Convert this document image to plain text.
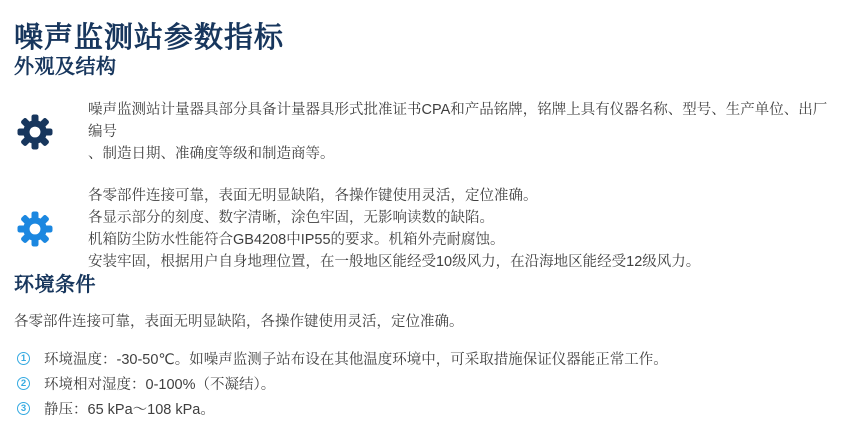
噪声监测站参数指标
外观及结构

噪声监测站计量器具部分具备计量器具形式批准证书CPA和产品铭牌，铭牌上具有仪器名称、型号、生产单位、出厂编号

、制造日期、准确度等级和制造商等。

各零部件连接可靠，表面无明显缺陷，各操作键使用灵活，定位准确。

各显示部分的刻度、数字清晰，涂色牢固，无影响读数的缺陷。

机箱防尘防水性能符合GB4208中IP55的要求。机箱外壳耐腐蚀。

安装牢固，根据用户自身地理位置，在一般地区能经受10级风力，在沿海地区能经受12级风力。

环境条件

各零部件连接可靠，表面无明显缺陷，各操作键使用灵活，定位准确。

1 环境温度：-30-50℃。如噪声监测子站布设在其他温度环境中，可采取措施保证仪器能正常工作。
2 环境相对湿度：0-100%（不凝结）。
3 静压：65 kPa～108 kPa。
